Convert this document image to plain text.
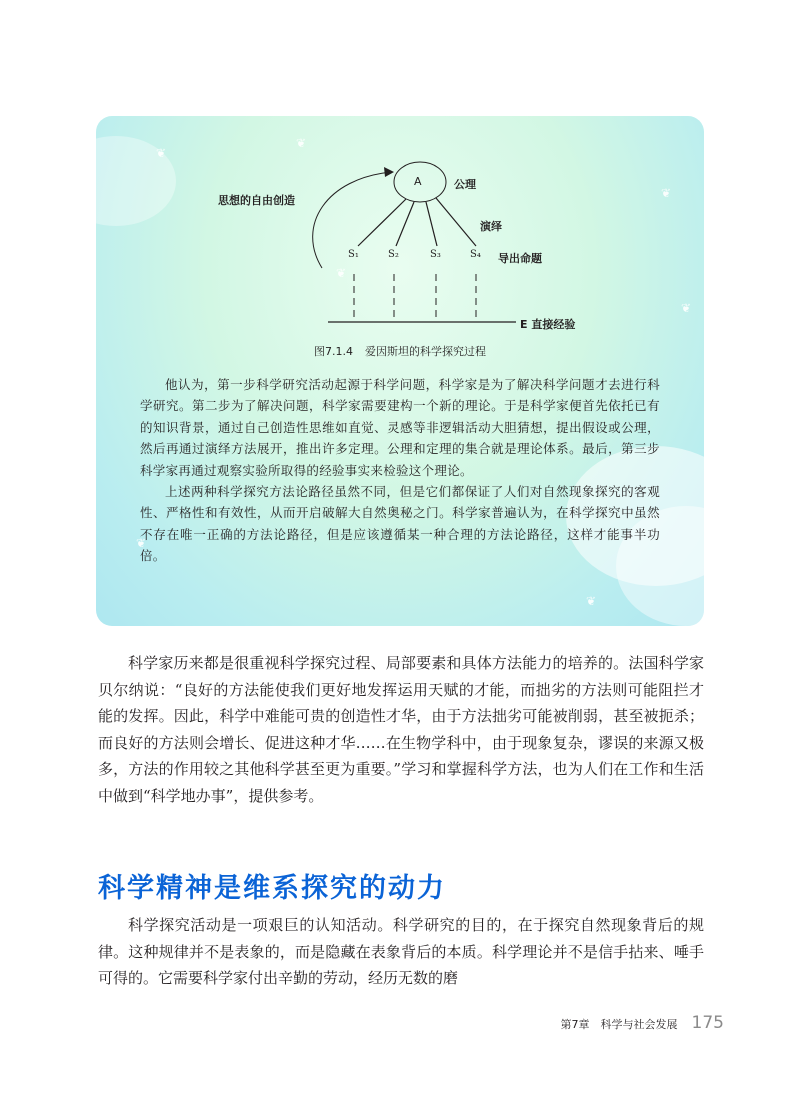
❦
❦
❦
❦
❦
❦
❦
A	公理
思想的自由创造
演绎
S₁	S₂	S₃	S₄ 导出命题
E 直接经验
图7.1.4 爱因斯坦的科学探究过程

他认为，第一步科学研究活动起源于科学问题，科学家是为了解决科学问题才去进行科学研究。第二步为了解决问题，科学家需要建构一个新的理论。于是科学家便首先依托已有的知识背景，通过自己创造性思维如直觉、灵感等非逻辑活动大胆猜想，提出假设或公理，然后再通过演绎方法展开，推出许多定理。公理和定理的集合就是理论体系。最后，第三步科学家再通过观察实验所取得的经验事实来检验这个理论。

上述两种科学探究方法论路径虽然不同，但是它们都保证了人们对自然现象探究的客观性、严格性和有效性，从而开启破解大自然奥秘之门。科学家普遍认为，在科学探究中虽然不存在唯一正确的方法论路径，但是应该遵循某一种合理的方法论路径，这样才能事半功倍。

科学家历来都是很重视科学探究过程、局部要素和具体方法能力的培养的。法国科学家贝尔纳说：“良好的方法能使我们更好地发挥运用天赋的才能，而拙劣的方法则可能阻拦才能的发挥。因此，科学中难能可贵的创造性才华，由于方法拙劣可能被削弱，甚至被扼杀；而良好的方法则会增长、促进这种才华……在生物学科中，由于现象复杂，谬误的来源又极多，方法的作用较之其他科学甚至更为重要。”学习和掌握科学方法，也为人们在工作和生活中做到“科学地办事”，提供参考。

科学精神是维系探究的动力

科学探究活动是一项艰巨的认知活动。科学研究的目的，在于探究自然现象背后的规律。这种规律并不是表象的，而是隐藏在表象背后的本质。科学理论并不是信手拈来、唾手可得的。它需要科学家付出辛勤的劳动，经历无数的磨

第7章　科学与社会发展 175
